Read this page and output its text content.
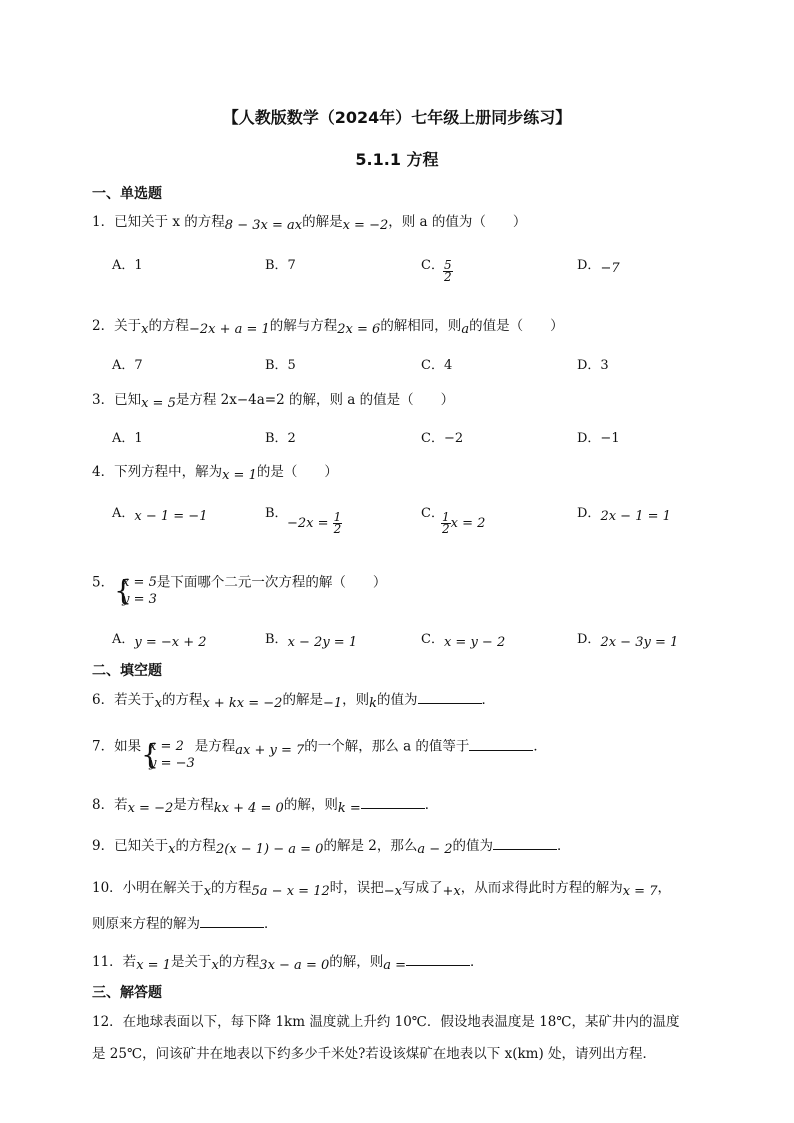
【人教版数学（2024年）七年级上册同步练习】
5.1.1 方程
一、单选题
1．已知关于 x 的方程8 − 3x = ax的解是x = −2，则 a 的值为（　　）
A．1	B．7	C． $\frac{5}{2}$	D．−7
2．关于x的方程−2x + a = 1的解与方程2x = 6的解相同，则a的值是（　　）
A．7	B．5	C．4	D．3
3．已知x = 5是方程 2x−4a=2 的解，则 a 的值是（　　）
A．1	B．2	C．−2	D．−1
4．下列方程中，解为x = 1的是（　　）
A．x − 1 = −1	B．
$-2x = \frac{1}{2}$	C．
$\frac{1}{2}$ x = 2
D．2x − 1 = 1
5． { x = 5
y = 3
是下面哪个二元一次方程的解（　　）
A．y = −x + 2	B．x − 2y = 1	C．x = y − 2	D．2x − 3y = 1
二、填空题
6．若关于x的方程x + kx = −2的解是−1，则k的值为	．
7．如果 { x = 2
y = −3
是方程ax + y = 7的一个解，那么 a 的值等于	．
8．若x = −2是方程kx + 4 = 0的解，则k =	．
9．已知关于x的方程2(x − 1) − a = 0的解是 2，那么a − 2的值为	．
10．小明在解关于x的方程5a − x = 12时，误把−x写成了+x，从而求得此时方程的解为x = 7，
则原来方程的解为	．
11．若x = 1是关于x的方程3x − a = 0的解，则a =	．
三、解答题
12．在地球表面以下，每下降 1km 温度就上升约 10℃．假设地表温度是 18℃，某矿井内的温度
是 25℃，问该矿井在地表以下约多少千米处?若设该煤矿在地表以下 x(km) 处，请列出方程．
